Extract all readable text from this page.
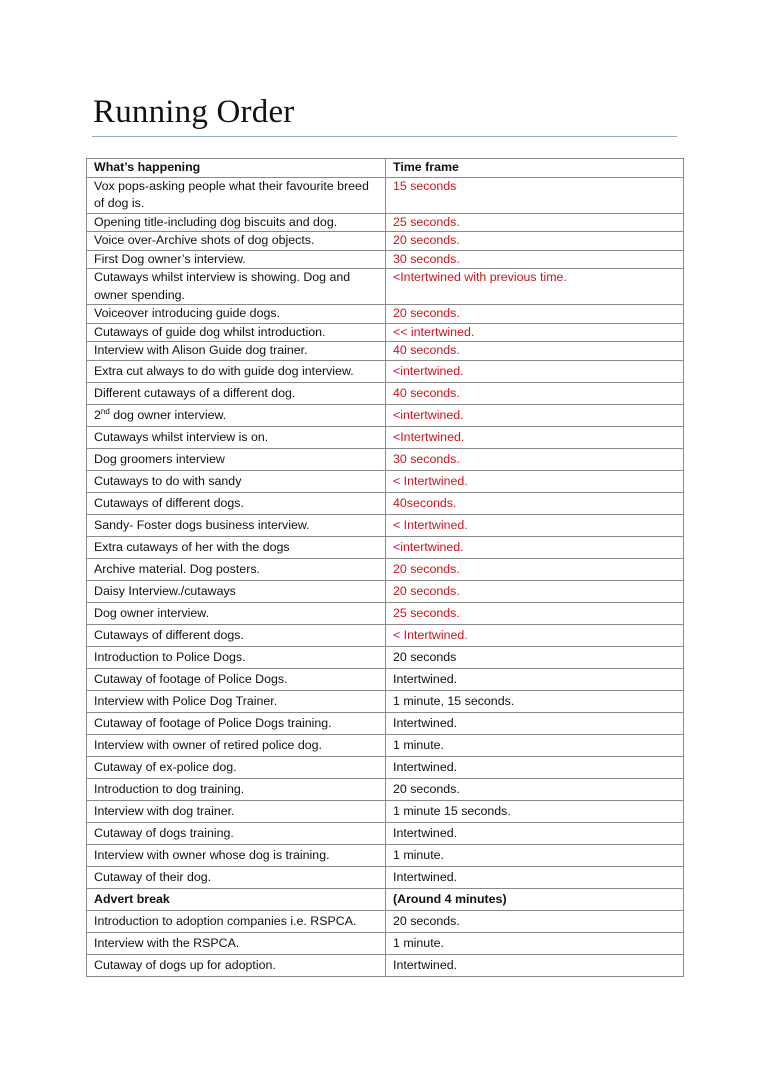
Running Order
What’s happening	Time frame
Vox pops-asking people what their favourite breed of dog is.	15 seconds
Opening title-including dog biscuits and dog.	25 seconds.
Voice over-Archive shots of dog objects.	20 seconds.
First Dog owner’s interview.	30 seconds.
Cutaways whilst interview is showing. Dog and owner spending.	<Intertwined with previous time.
Voiceover introducing guide dogs.	20 seconds.
Cutaways of guide dog whilst introduction.	<< intertwined.
Interview with Alison Guide dog trainer.	40 seconds.
Extra cut always to do with guide dog interview.	<intertwined.
Different cutaways of a different dog.	40 seconds.
2nd dog owner interview.	<intertwined.
Cutaways whilst interview is on.	<Intertwined.
Dog groomers interview	30 seconds.
Cutaways to do with sandy	< Intertwined.
Cutaways of different dogs.	40seconds.
Sandy- Foster dogs business interview.	< Intertwined.
Extra cutaways of her with the dogs	<intertwined.
Archive material. Dog posters.	20 seconds.
Daisy Interview./cutaways	20 seconds.
Dog owner interview.	25 seconds.
Cutaways of different dogs.	< Intertwined.
Introduction to Police Dogs.	20 seconds
Cutaway of footage of Police Dogs.	Intertwined.
Interview with Police Dog Trainer.	1 minute, 15 seconds.
Cutaway of footage of Police Dogs training.	Intertwined.
Interview with owner of retired police dog.	1 minute.
Cutaway of ex-police dog.	Intertwined.
Introduction to dog training.	20 seconds.
Interview with dog trainer.	1 minute 15 seconds.
Cutaway of dogs training.	Intertwined.
Interview with owner whose dog is training.	1 minute.
Cutaway of their dog.	Intertwined.
Advert break	(Around 4 minutes)
Introduction to adoption companies i.e. RSPCA.	20 seconds.
Interview with the RSPCA.	1 minute.
Cutaway of dogs up for adoption.	Intertwined.
